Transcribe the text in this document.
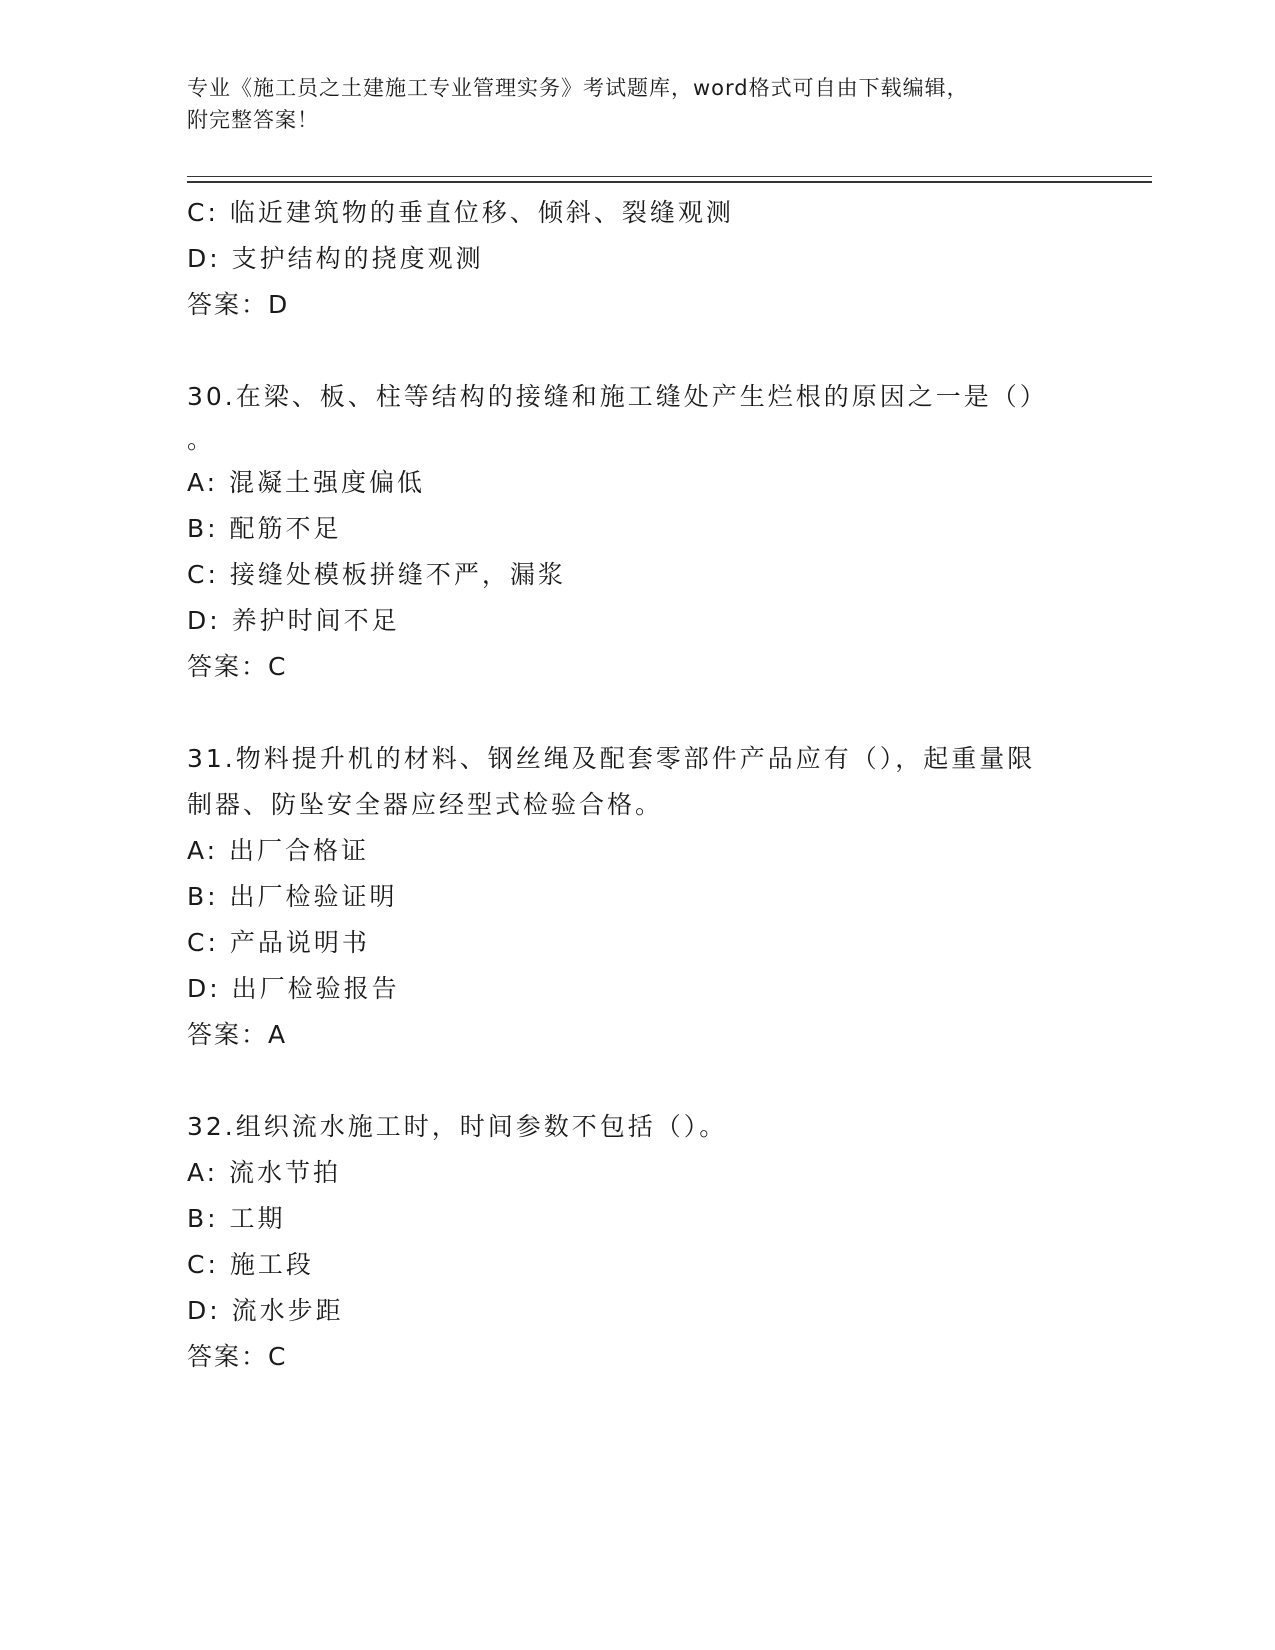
专业《施工员之土建施工专业管理实务》考试题库，word格式可自由下载编辑，
附完整答案！
C: 临近建筑物的垂直位移、倾斜、裂缝观测
D: 支护结构的挠度观测
答案：D
30.在梁、板、柱等结构的接缝和施工缝处产生烂根的原因之一是（）
。
A: 混凝土强度偏低
B: 配筋不足
C: 接缝处模板拼缝不严，漏浆
D: 养护时间不足
答案：C
31.物料提升机的材料、钢丝绳及配套零部件产品应有（），起重量限
制器、防坠安全器应经型式检验合格。
A: 出厂合格证
B: 出厂检验证明
C: 产品说明书
D: 出厂检验报告
答案：A
32.组织流水施工时，时间参数不包括（）。
A: 流水节拍
B: 工期
C: 施工段
D: 流水步距
答案：C
